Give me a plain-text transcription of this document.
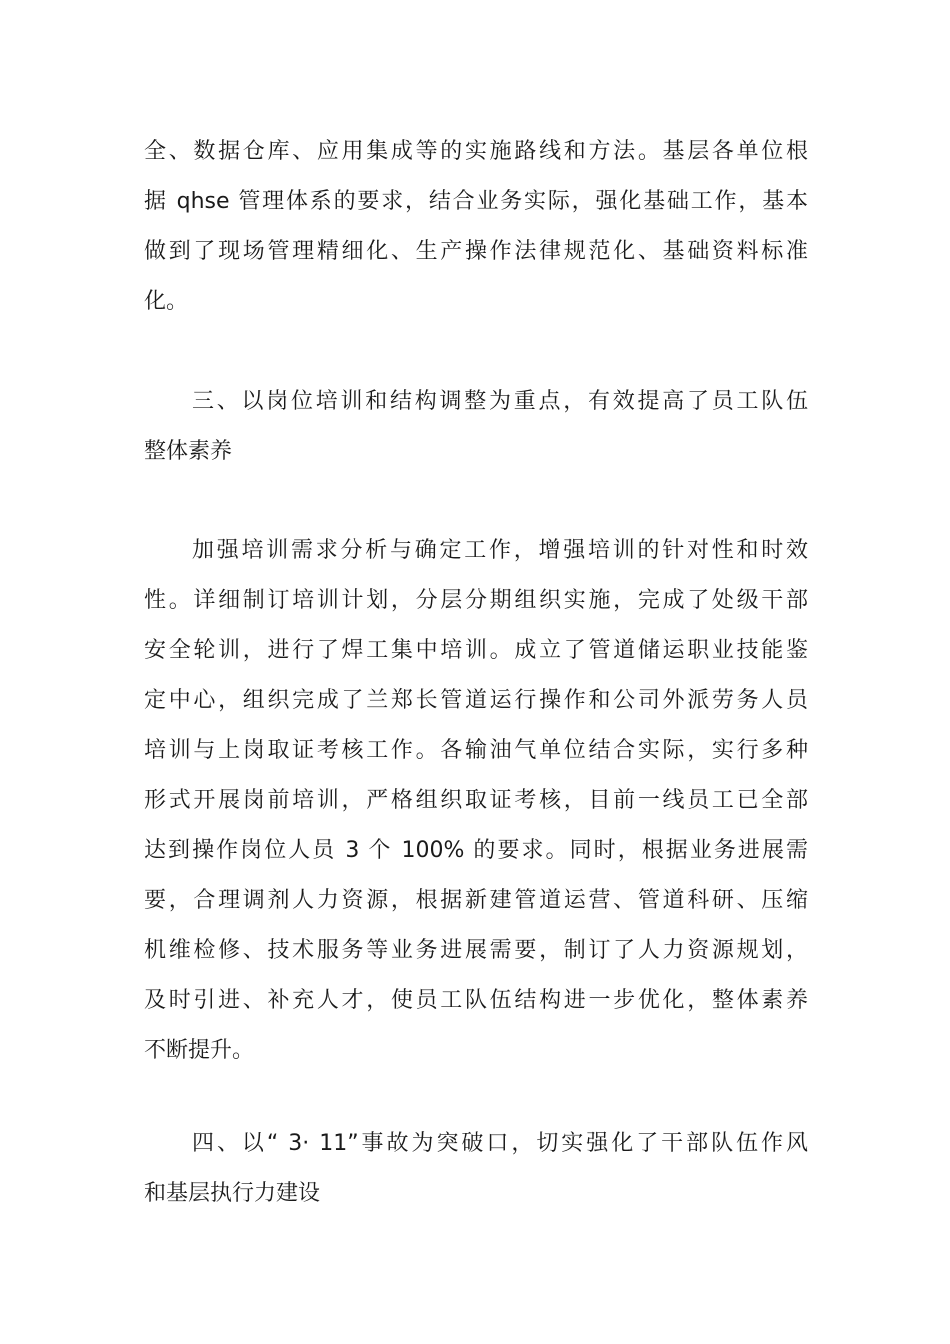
全、数据仓库、应用集成等的实施路线和方法。基层各单位根
据 qhse 管理体系的要求，结合业务实际，强化基础工作，基本
做到了现场管理精细化、生产操作法律规范化、基础资料标准
化。
三、以岗位培训和结构调整为重点，有效提高了员工队伍
整体素养
加强培训需求分析与确定工作，增强培训的针对性和时效
性。详细制订培训计划，分层分期组织实施，完成了处级干部
安全轮训，进行了焊工集中培训。成立了管道储运职业技能鉴
定中心，组织完成了兰郑长管道运行操作和公司外派劳务人员
培训与上岗取证考核工作。各输油气单位结合实际，实行多种
形式开展岗前培训，严格组织取证考核，目前一线员工已全部
达到操作岗位人员 3 个 100% 的要求。同时，根据业务进展需
要，合理调剂人力资源，根据新建管道运营、管道科研、压缩
机维检修、技术服务等业务进展需要，制订了人力资源规划，
及时引进、补充人才，使员工队伍结构进一步优化，整体素养
不断提升。
四、以“ 3· 11”事故为突破口，切实强化了干部队伍作风
和基层执行力建设
